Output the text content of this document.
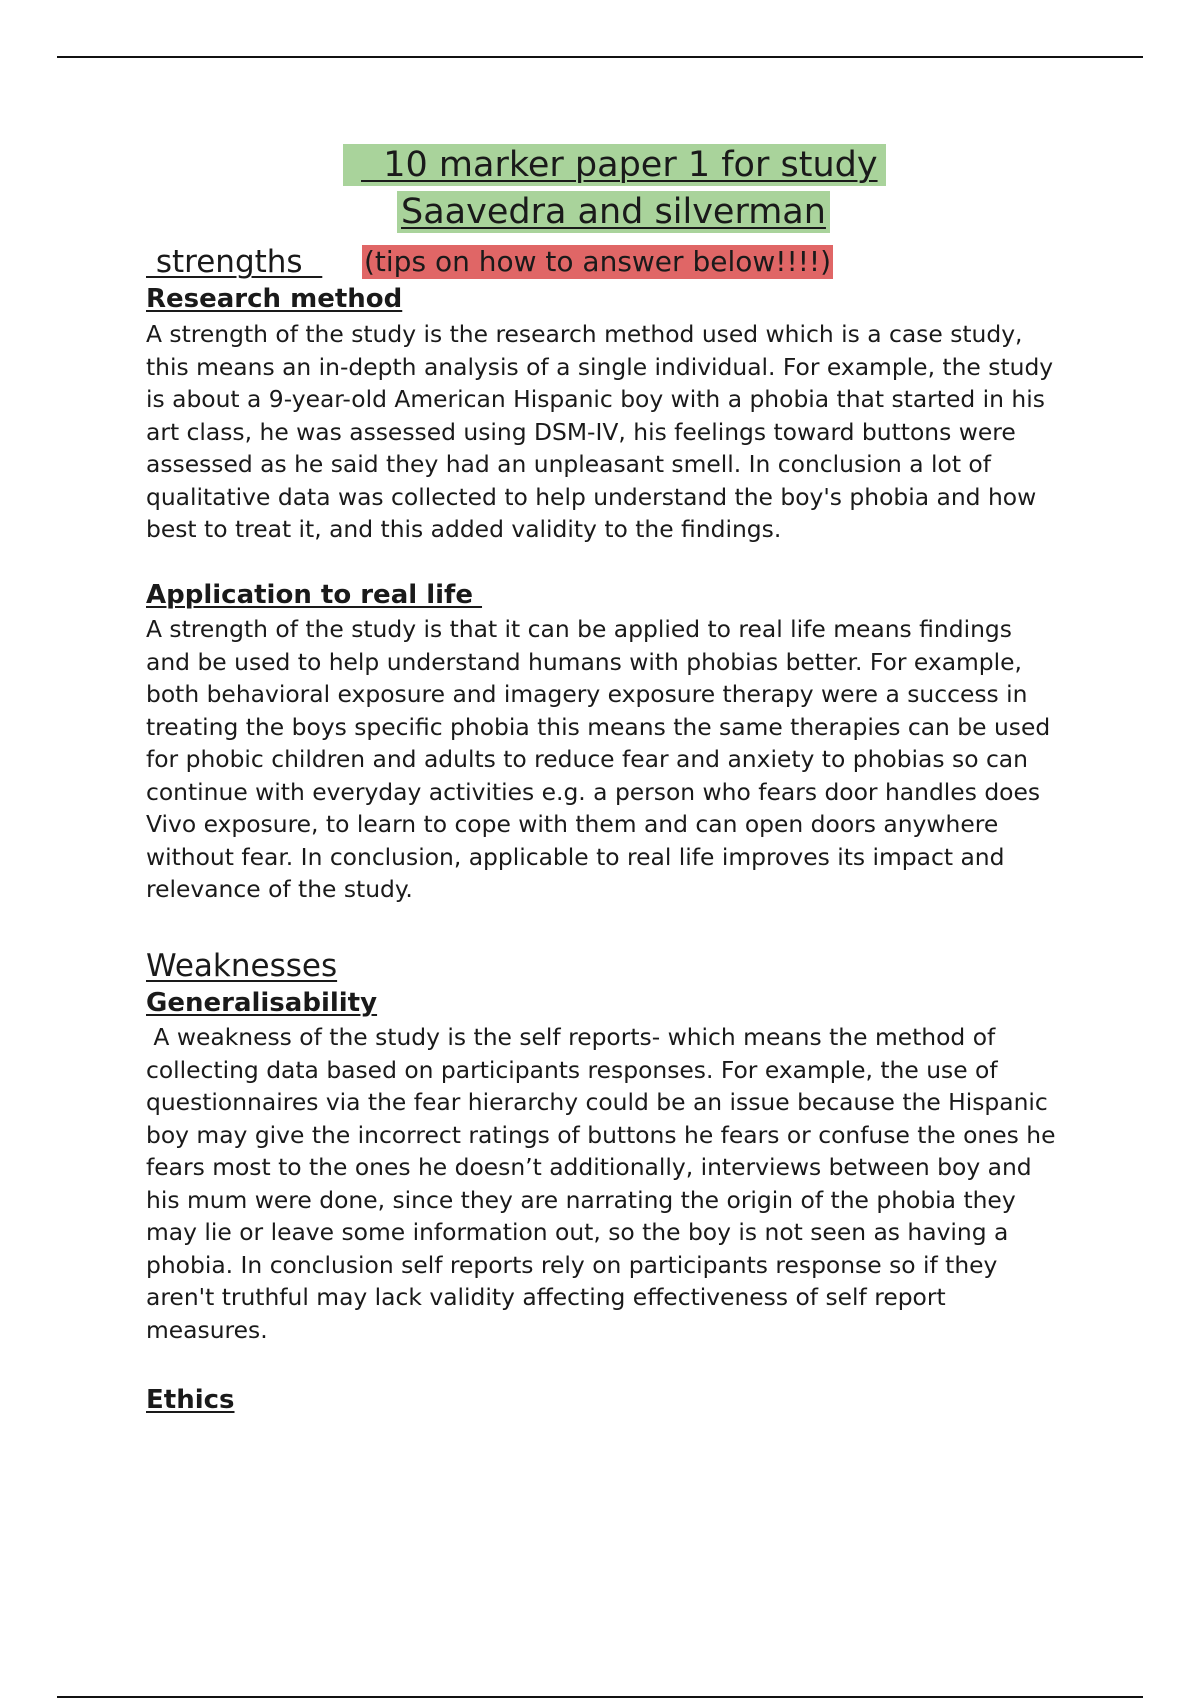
10 marker paper 1 for study
Saavedra and silverman
strengths (tips on how to answer below!!!!)
Research method
A strength of the study is the research method used which is a case study,
this means an in-depth analysis of a single individual. For example, the study
is about a 9-year-old American Hispanic boy with a phobia that started in his
art class, he was assessed using DSM-IV, his feelings toward buttons were
assessed as he said they had an unpleasant smell. In conclusion a lot of
qualitative data was collected to help understand the boy's phobia and how
best to treat it, and this added validity to the findings.
Application to real life
A strength of the study is that it can be applied to real life means findings
and be used to help understand humans with phobias better. For example,
both behavioral exposure and imagery exposure therapy were a success in
treating the boys specific phobia this means the same therapies can be used
for phobic children and adults to reduce fear and anxiety to phobias so can
continue with everyday activities e.g. a person who fears door handles does
Vivo exposure, to learn to cope with them and can open doors anywhere
without fear. In conclusion, applicable to real life improves its impact and
relevance of the study.
Weaknesses
Generalisability
A weakness of the study is the self reports- which means the method of
collecting data based on participants responses. For example, the use of
questionnaires via the fear hierarchy could be an issue because the Hispanic
boy may give the incorrect ratings of buttons he fears or confuse the ones he
fears most to the ones he doesn’t additionally, interviews between boy and
his mum were done, since they are narrating the origin of the phobia they
may lie or leave some information out, so the boy is not seen as having a
phobia. In conclusion self reports rely on participants response so if they
aren't truthful may lack validity affecting effectiveness of self report
measures.
Ethics
